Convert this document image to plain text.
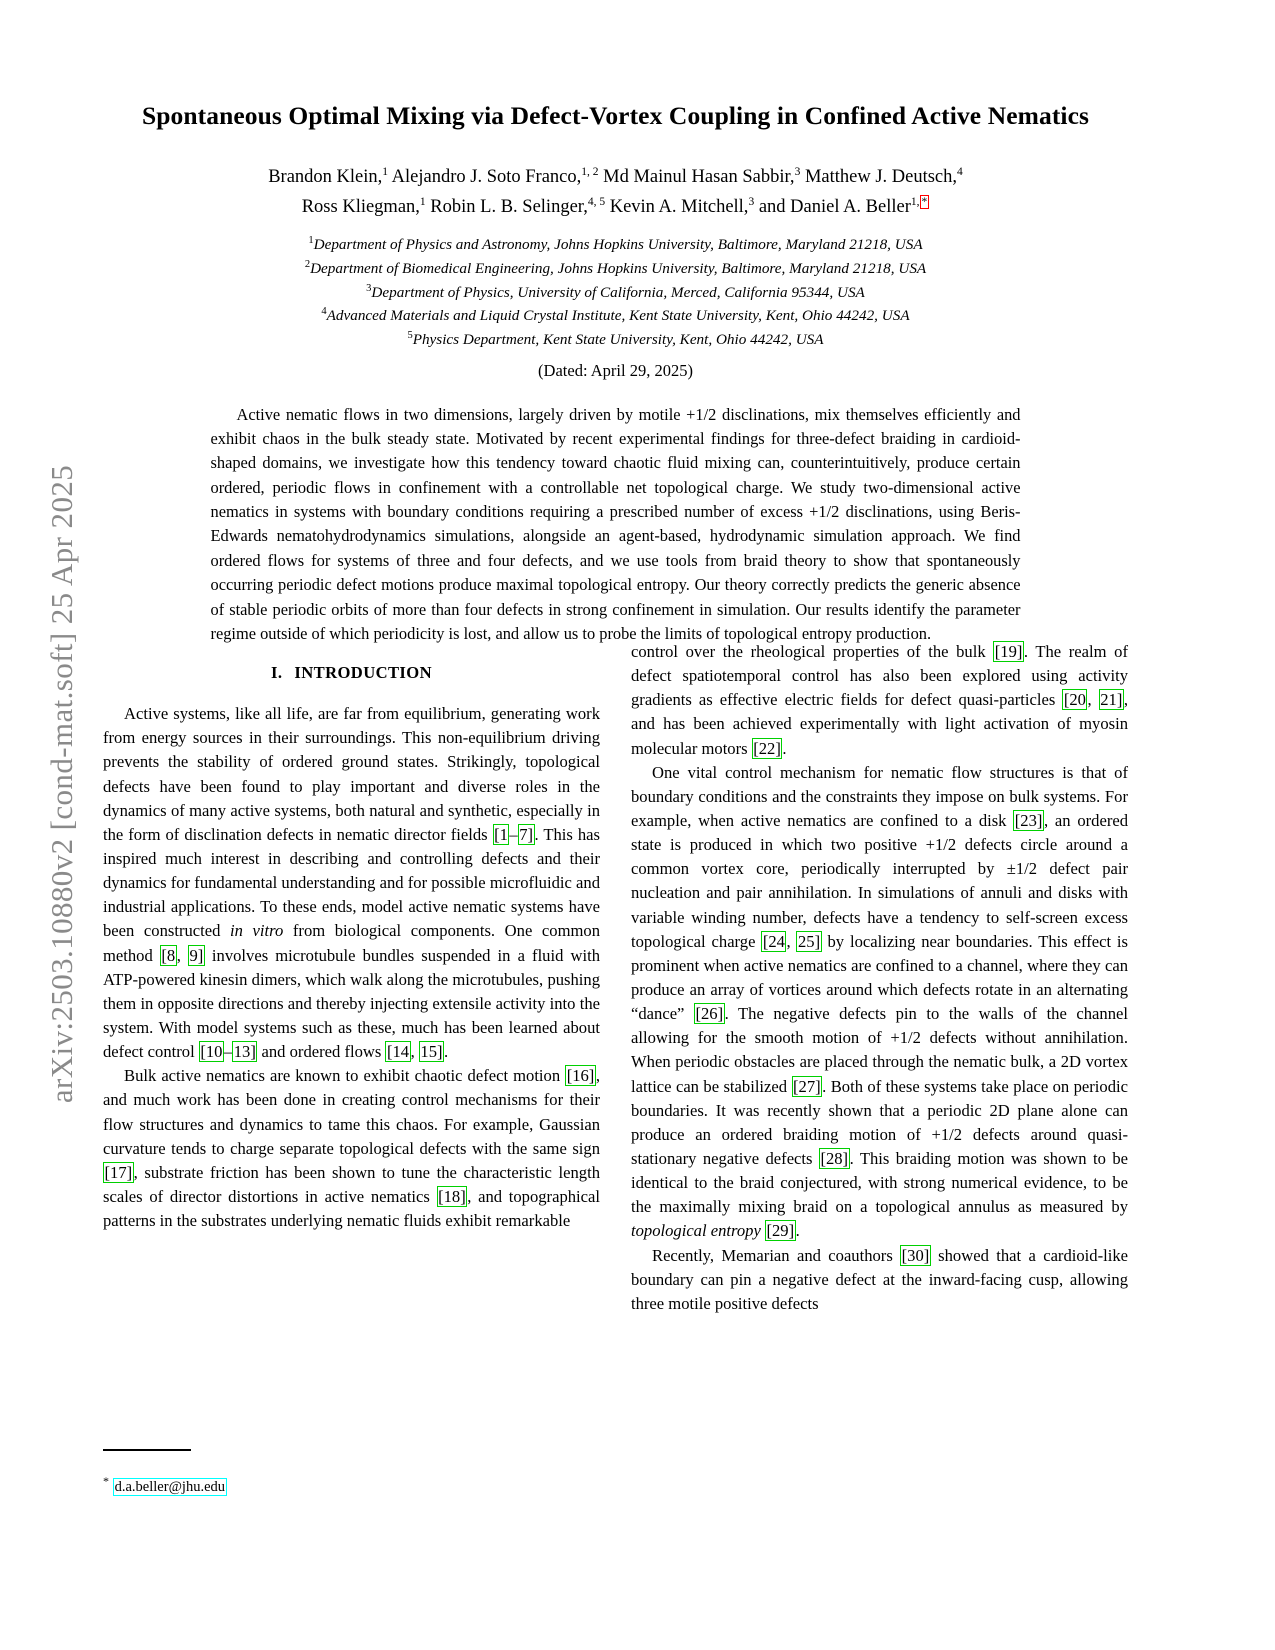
arXiv:2503.10880v2 [cond-mat.soft] 25 Apr 2025
Spontaneous Optimal Mixing via Defect-Vortex Coupling in Confined Active Nematics
Brandon Klein,$^1$ Alejandro J. Soto Franco,$^{1, 2}$ Md Mainul Hasan Sabbir,$^3$ Matthew J. Deutsch,$^4$
Ross Kliegman,$^1$ Robin L. B. Selinger,$^{4, 5}$ Kevin A. Mitchell,$^3$ and Daniel A. Beller$^{1,}$ *
$^1$Department of Physics and Astronomy, Johns Hopkins University, Baltimore, Maryland 21218, USA
$^2$Department of Biomedical Engineering, Johns Hopkins University, Baltimore, Maryland 21218, USA
$^3$Department of Physics, University of California, Merced, California 95344, USA
$^4$Advanced Materials and Liquid Crystal Institute, Kent State University, Kent, Ohio 44242, USA
$^5$Physics Department, Kent State University, Kent, Ohio 44242, USA
(Dated: April 29, 2025)
Active nematic flows in two dimensions, largely driven by motile +1/2 disclinations, mix themselves efficiently and exhibit chaos in the bulk steady state. Motivated by recent experimental findings for three-defect braiding in cardioid-shaped domains, we investigate how this tendency toward chaotic fluid mixing can, counterintuitively, produce certain ordered, periodic flows in confinement with a controllable net topological charge. We study two-dimensional active nematics in systems with boundary conditions requiring a prescribed number of excess +1/2 disclinations, using Beris-Edwards nematohydrodynamics simulations, alongside an agent-based, hydrodynamic simulation approach. We find ordered flows for systems of three and four defects, and we use tools from braid theory to show that spontaneously occurring periodic defect motions produce maximal topological entropy. Our theory correctly predicts the generic absence of stable periodic orbits of more than four defects in strong confinement in simulation. Our results identify the parameter regime outside of which periodicity is lost, and allow us to probe the limits of topological entropy production.
I. INTRODUCTION

Active systems, like all life, are far from equilibrium, generating work from energy sources in their surroundings. This non-equilibrium driving prevents the stability of ordered ground states. Strikingly, topological defects have been found to play important and diverse roles in the dynamics of many active systems, both natural and synthetic, especially in the form of disclination defects in nematic director fields [1–7]. This has inspired much interest in describing and controlling defects and their dynamics for fundamental understanding and for possible microfluidic and industrial applications. To these ends, model active nematic systems have been constructed in vitro from biological components. One common method [8, 9] involves microtubule bundles suspended in a fluid with ATP-powered kinesin dimers, which walk along the microtubules, pushing them in opposite directions and thereby injecting extensile activity into the system. With model systems such as these, much has been learned about defect control [10–13] and ordered flows [14, 15].

Bulk active nematics are known to exhibit chaotic defect motion [16], and much work has been done in creating control mechanisms for their flow structures and dynamics to tame this chaos. For example, Gaussian curvature tends to charge separate topological defects with the same sign [17], substrate friction has been shown to tune the characteristic length scales of director distortions in active nematics [18], and topographical patterns in the substrates underlying nematic fluids exhibit remarkable

* d.a.beller@jhu.edu

control over the rheological properties of the bulk [19]. The realm of defect spatiotemporal control has also been explored using activity gradients as effective electric fields for defect quasi-particles [20, 21], and has been achieved experimentally with light activation of myosin molecular motors [22].

One vital control mechanism for nematic flow structures is that of boundary conditions and the constraints they impose on bulk systems. For example, when active nematics are confined to a disk [23], an ordered state is produced in which two positive +1/2 defects circle around a common vortex core, periodically interrupted by ±1/2 defect pair nucleation and pair annihilation. In simulations of annuli and disks with variable winding number, defects have a tendency to self-screen excess topological charge [24, 25] by localizing near boundaries. This effect is prominent when active nematics are confined to a channel, where they can produce an array of vortices around which defects rotate in an alternating “dance” [26]. The negative defects pin to the walls of the channel allowing for the smooth motion of +1/2 defects without annihilation. When periodic obstacles are placed through the nematic bulk, a 2D vortex lattice can be stabilized [27]. Both of these systems take place on periodic boundaries. It was recently shown that a periodic 2D plane alone can produce an ordered braiding motion of +1/2 defects around quasi-stationary negative defects [28]. This braiding motion was shown to be identical to the braid conjectured, with strong numerical evidence, to be the maximally mixing braid on a topological annulus as measured by topological entropy [29].

Recently, Memarian and coauthors [30] showed that a cardioid-like boundary can pin a negative defect at the inward-facing cusp, allowing three motile positive defects
